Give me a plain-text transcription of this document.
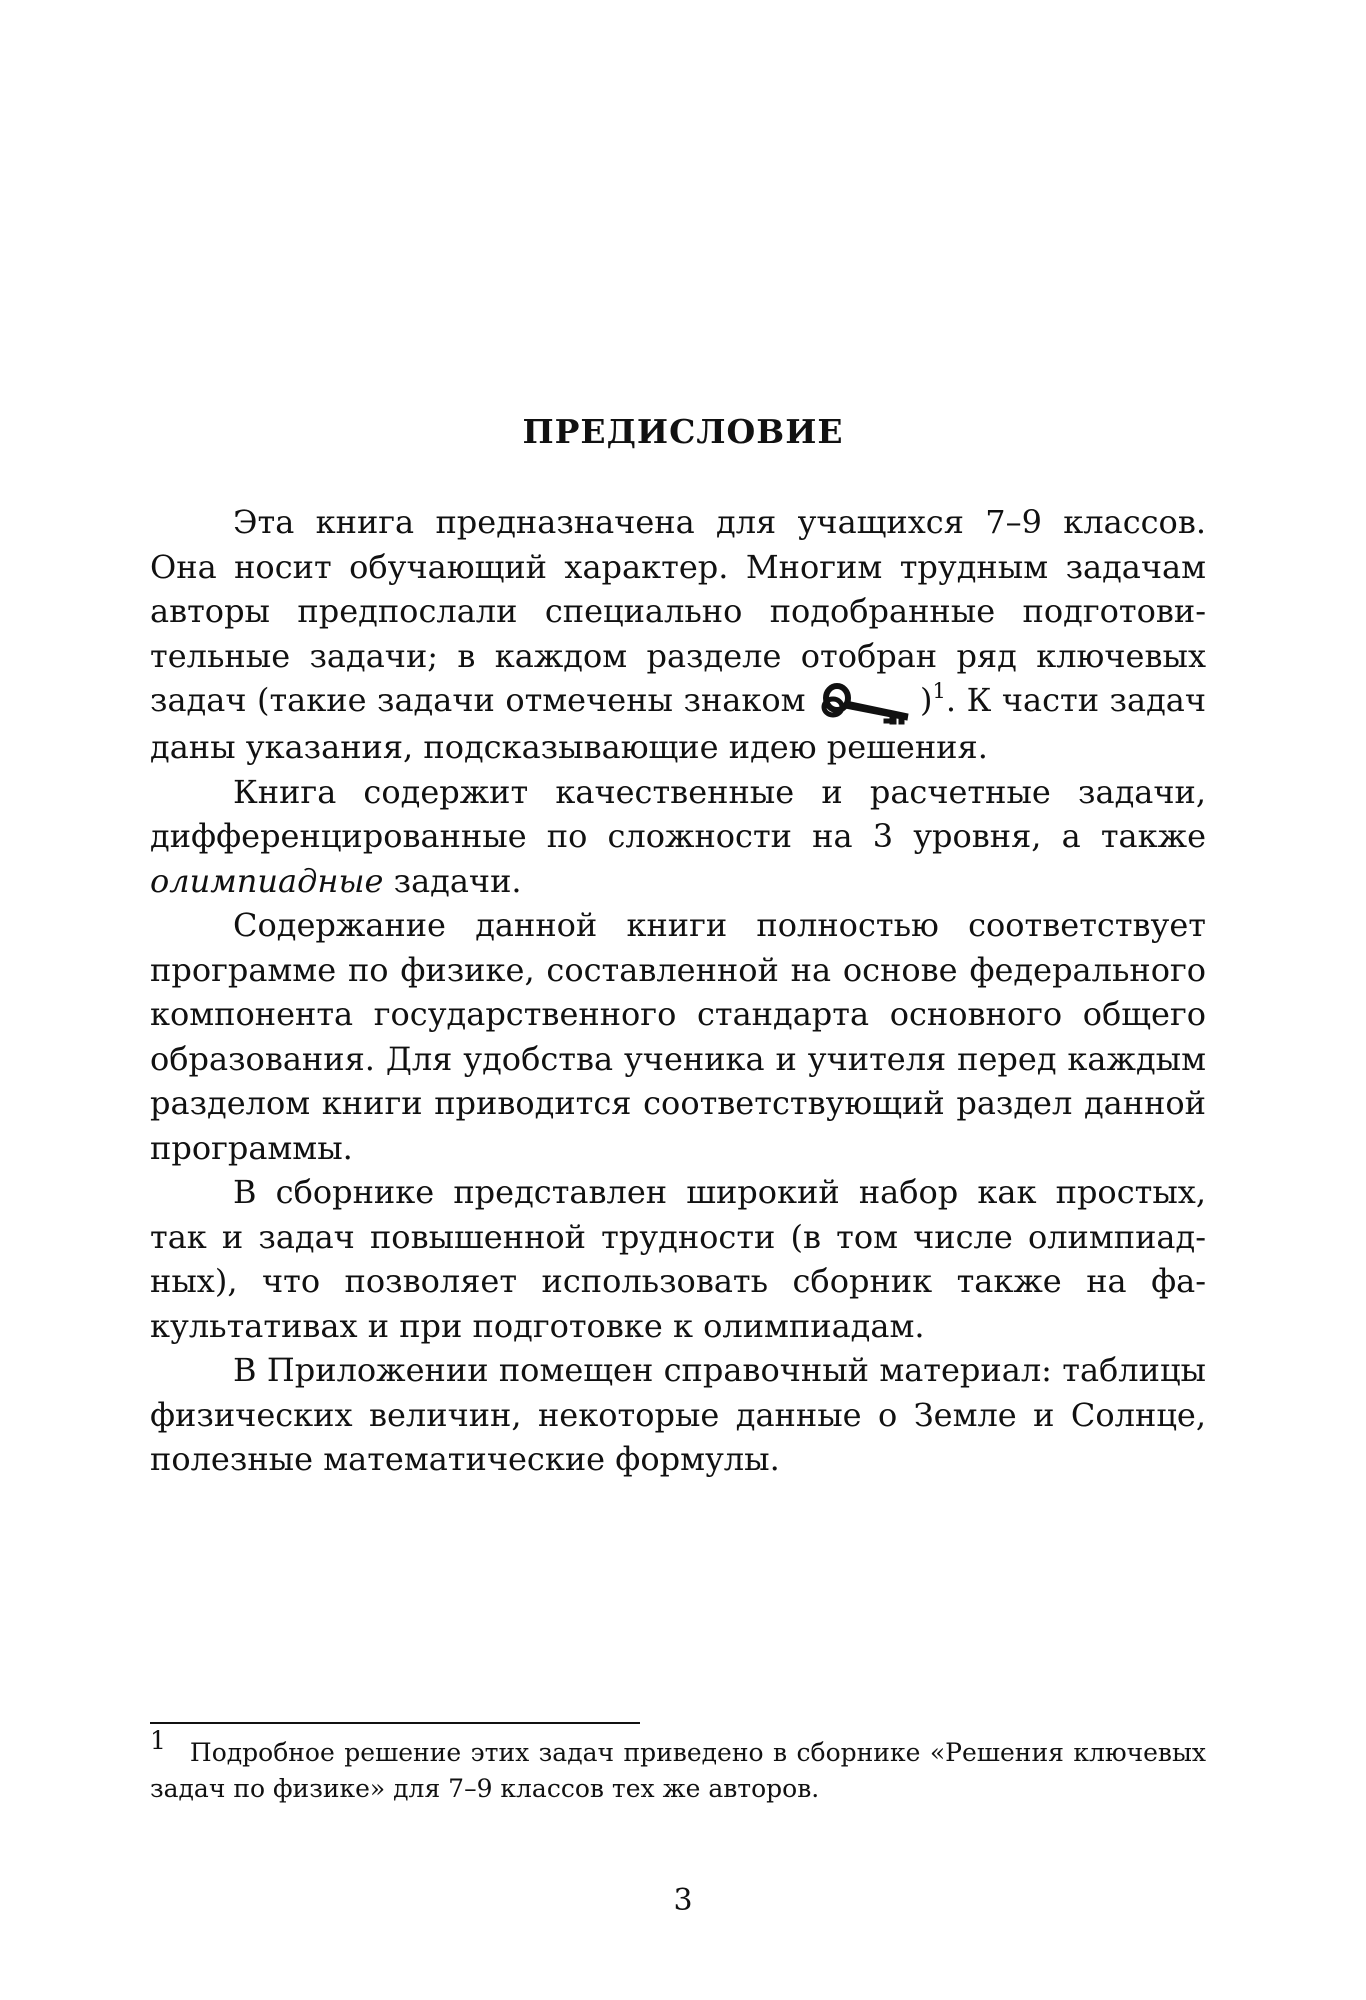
ПРЕДИСЛОВИЕ

Эта книга предназначена для учащихся 7–9 классов. Она носит обучающий характер. Многим трудным задачам авторы предпослали специально подобранные подготовительные задачи; в каждом разделе отобран ряд ключевых задач (такие задачи отмечены знаком	)$^1$. К части задач даны указания, подсказывающие идею решения.

Книга содержит качественные и расчетные задачи, дифференцированные по сложности на 3 уровня, а также олимпиадные задачи.

Содержание данной книги полностью соответствует программе по физике, составленной на основе федерального компонента государственного стандарта основного общего образования. Для удобства ученика и учителя перед каждым разделом книги приводится соответствующий раздел данной программы.

В сборнике представлен широкий набор как простых, так и задач повышенной трудности (в том числе олимпиадных), что позволяет использовать сборник также на факультативах и при подготовке к олимпиадам.

В Приложении помещен справочный материал: таблицы физических величин, некоторые данные о Земле и Солнце, полезные математические формулы.

1 Подробное решение этих задач приведено в сборнике «Решения ключевых задач по физике» для 7–9 классов тех же авторов.

3
